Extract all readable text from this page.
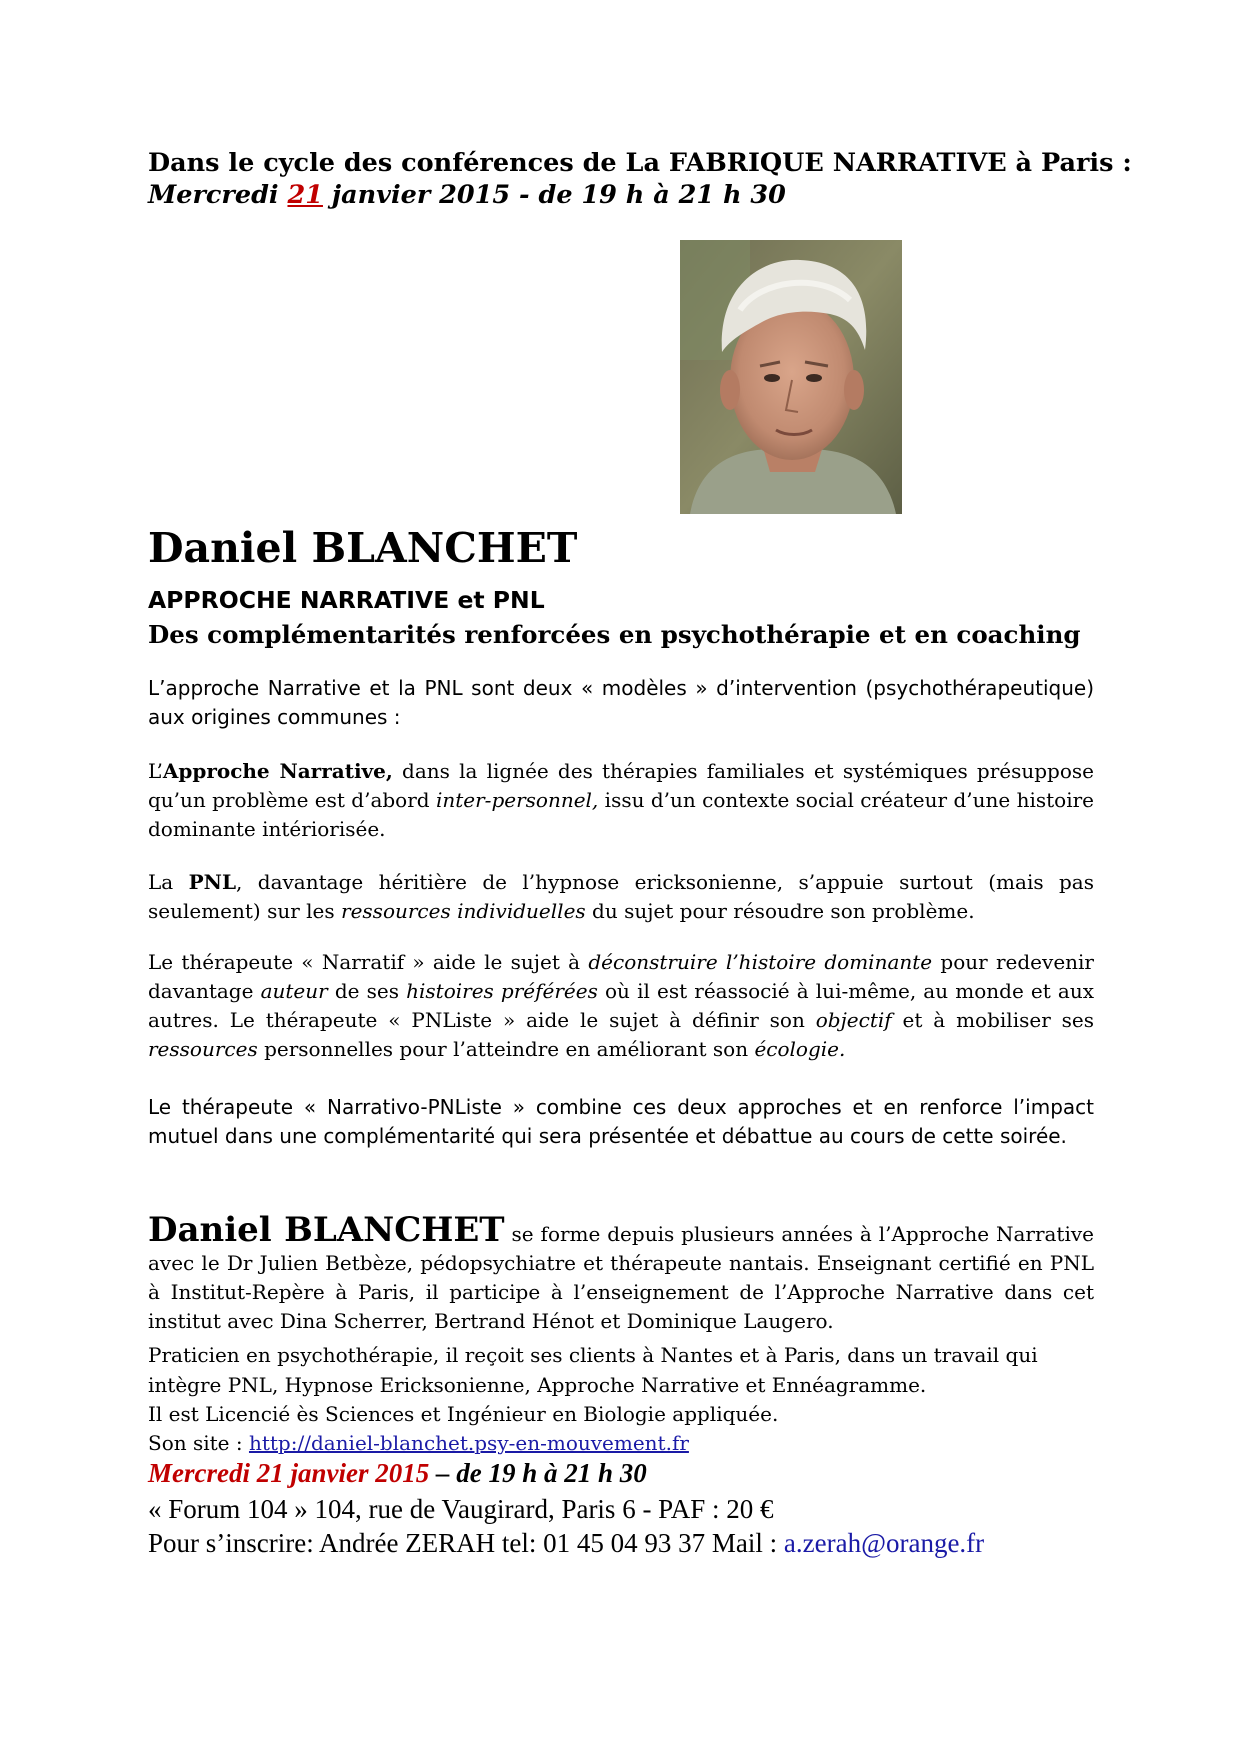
Dans le cycle des conférences de La FABRIQUE NARRATIVE à Paris :
Mercredi 21 janvier 2015 - de 19 h à 21 h 30
Daniel BLANCHET
APPROCHE NARRATIVE et PNL
Des complémentarités renforcées en psychothérapie et en coaching
L’approche Narrative et la PNL sont deux « modèles » d’intervention (psychothérapeutique) aux origines communes :
L’Approche Narrative, dans la lignée des thérapies familiales et systémiques présuppose qu’un problème est d’abord inter-personnel, issu d’un contexte social créateur d’une histoire dominante intériorisée.
La PNL, davantage héritière de l’hypnose ericksonienne, s’appuie surtout (mais pas seulement) sur les ressources individuelles du sujet pour résoudre son problème.
Le thérapeute « Narratif » aide le sujet à déconstruire l’histoire dominante pour redevenir davantage auteur de ses histoires préférées où il est réassocié à lui-même, au monde et aux autres. Le thérapeute « PNListe » aide le sujet à définir son objectif et à mobiliser ses ressources personnelles pour l’atteindre en améliorant son écologie.
Le thérapeute « Narrativo-PNListe » combine ces deux approches et en renforce l’impact mutuel dans une complémentarité qui sera présentée et débattue au cours de cette soirée.
Daniel BLANCHET se forme depuis plusieurs années à l’Approche Narrative avec le Dr Julien Betbèze, pédopsychiatre et thérapeute nantais. Enseignant certifié en PNL à Institut-Repère à Paris, il participe à l’enseignement de l’Approche Narrative dans cet institut avec Dina Scherrer, Bertrand Hénot et Dominique Laugero.
Praticien en psychothérapie, il reçoit ses clients à Nantes et à Paris, dans un travail qui
intègre PNL, Hypnose Ericksonienne, Approche Narrative et Ennéagramme.
Il est Licencié ès Sciences et Ingénieur en Biologie appliquée.
Son site : http://daniel-blanchet.psy-en-mouvement.fr
Mercredi 21 janvier 2015 – de 19 h à 21 h 30
« Forum 104 » 104, rue de Vaugirard, Paris 6 - PAF : 20 €
Pour s’inscrire: Andrée ZERAH tel: 01 45 04 93 37 Mail : a.zerah@orange.fr
